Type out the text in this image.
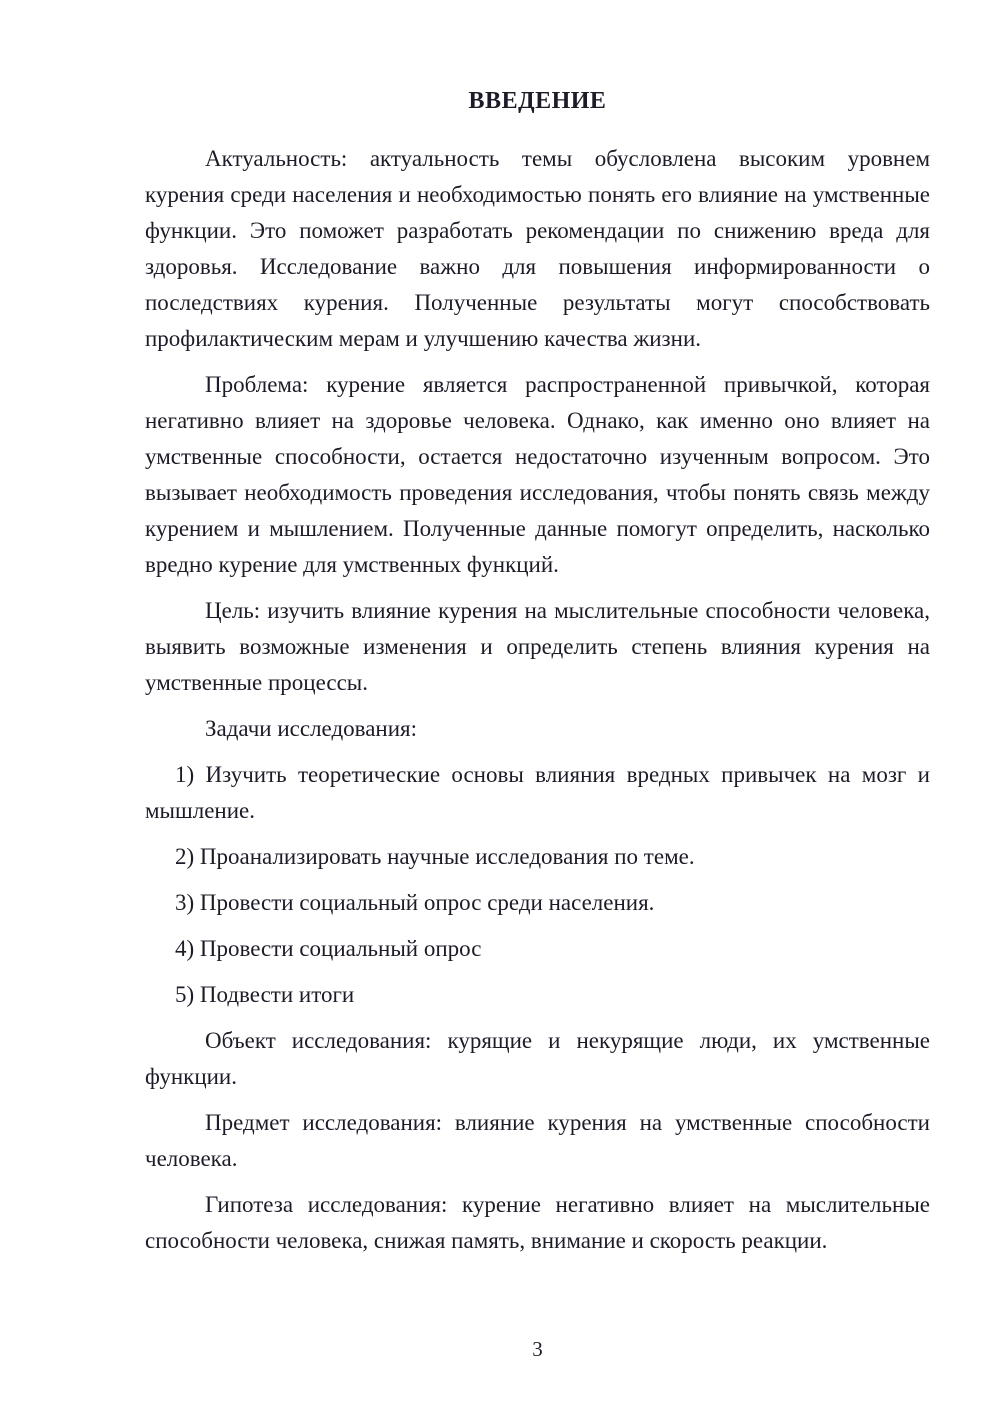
ВВЕДЕНИЕ

Актуальность: актуальность темы обусловлена высоким уровнем курения среди населения и необходимостью понять его влияние на умственные функции. Это поможет разработать рекомендации по снижению вреда для здоровья. Исследование важно для повышения информированности о последствиях курения. Полученные результаты могут способствовать профилактическим мерам и улучшению качества жизни.

Проблема: курение является распространенной привычкой, которая негативно влияет на здоровье человека. Однако, как именно оно влияет на умственные способности, остается недостаточно изученным вопросом. Это вызывает необходимость проведения исследования, чтобы понять связь между курением и мышлением. Полученные данные помогут определить, насколько вредно курение для умственных функций.

Цель: изучить влияние курения на мыслительные способности человека, выявить возможные изменения и определить степень влияния курения на умственные процессы.

Задачи исследования:

1) Изучить теоретические основы влияния вредных привычек на мозг и мышление.

2) Проанализировать научные исследования по теме.

3) Провести социальный опрос среди населения.

4) Провести социальный опрос

5) Подвести итоги

Объект исследования: курящие и некурящие люди, их умственные функции.

Предмет исследования: влияние курения на умственные способности человека.

Гипотеза исследования: курение негативно влияет на мыслительные способности человека, снижая память, внимание и скорость реакции.

3
